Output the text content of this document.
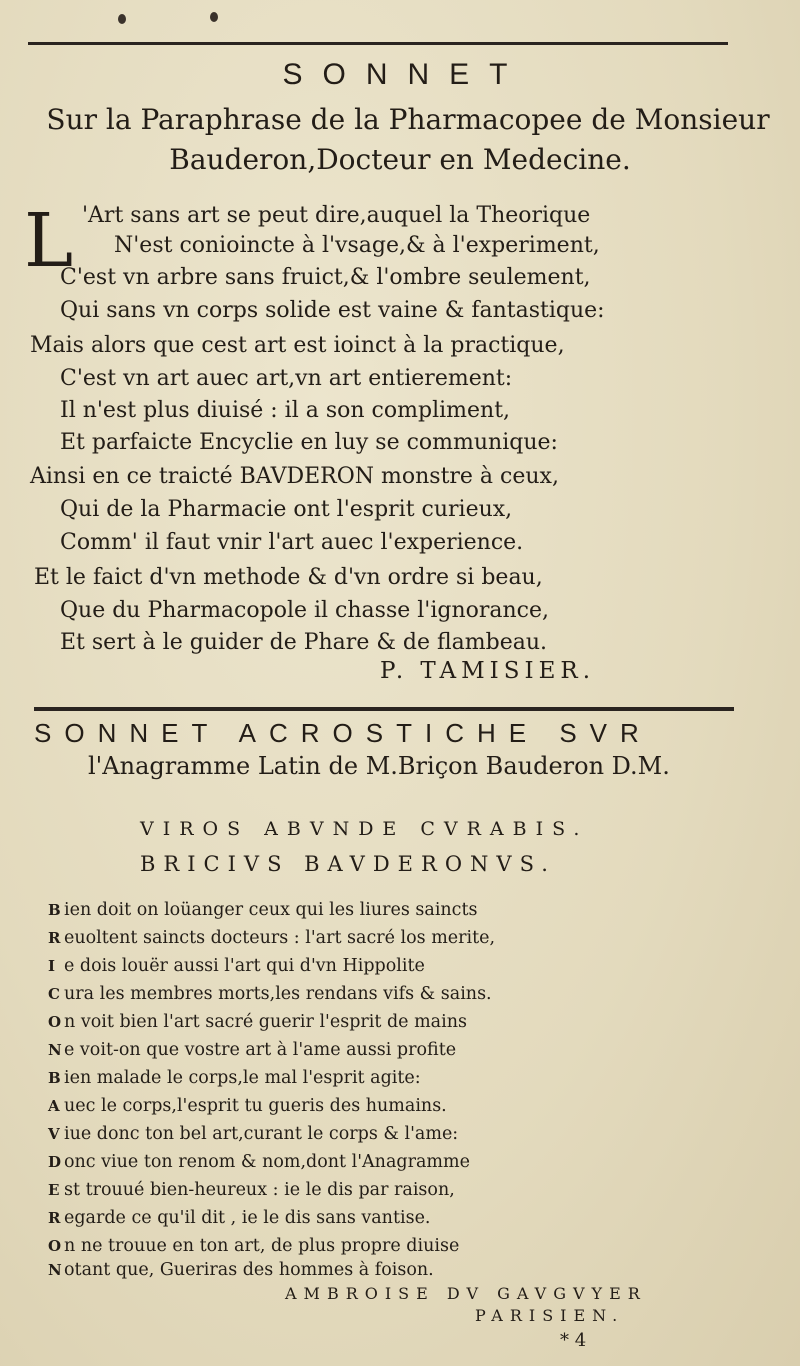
SONNET
Sur la Paraphrase de la Pharmacopee de Monsieur
Bauderon,Docteur en Medecine.
L 'Art sans art se peut dire,auquel la Theorique
N'est conioincte à l'vsage,& à l'experiment,
C'est vn arbre sans fruict,& l'ombre seulement,
Qui sans vn corps solide est vaine & fantastique:
Mais alors que cest art est ioinct à la practique,
C'est vn art auec art,vn art entierement:
Il n'est plus diuisé : il a son compliment,
Et parfaicte Encyclie en luy se communique:
Ainsi en ce traicté BAVDERON monstre à ceux,
Qui de la Pharmacie ont l'esprit curieux,
Comm' il faut vnir l'art auec l'experience.
Et le faict d'vn methode & d'vn ordre si beau,
Que du Pharmacopole il chasse l'ignorance,
Et sert à le guider de Phare & de flambeau.
P. TAMISIER.
SONNET ACROSTICHE SVR
l'Anagramme Latin de M.Briçon Bauderon D.M.
VIROS ABVNDE CVRABIS.
BRICIVS BAVDERONVS.
B ien doit on loüanger ceux qui les liures saincts
R euoltent saincts docteurs : l'art sacré los merite,
I e dois louër aussi l'art qui d'vn Hippolite
C ura les membres morts,les rendans vifs & sains.
O n voit bien l'art sacré guerir l'esprit de mains
N e voit-on que vostre art à l'ame aussi profite
B ien malade le corps,le mal l'esprit agite:
A uec le corps,l'esprit tu gueris des humains.
V iue donc ton bel art,curant le corps & l'ame:
D onc viue ton renom & nom,dont l'Anagramme
E st trouué bien-heureux : ie le dis par raison,
R egarde ce qu'il dit , ie le dis sans vantise.
O n ne trouue en ton art, de plus propre diuise
N otant que, Gueriras des hommes à foison.
AMBROISE DV GAVGVYER
PARISIEN.
* 4
